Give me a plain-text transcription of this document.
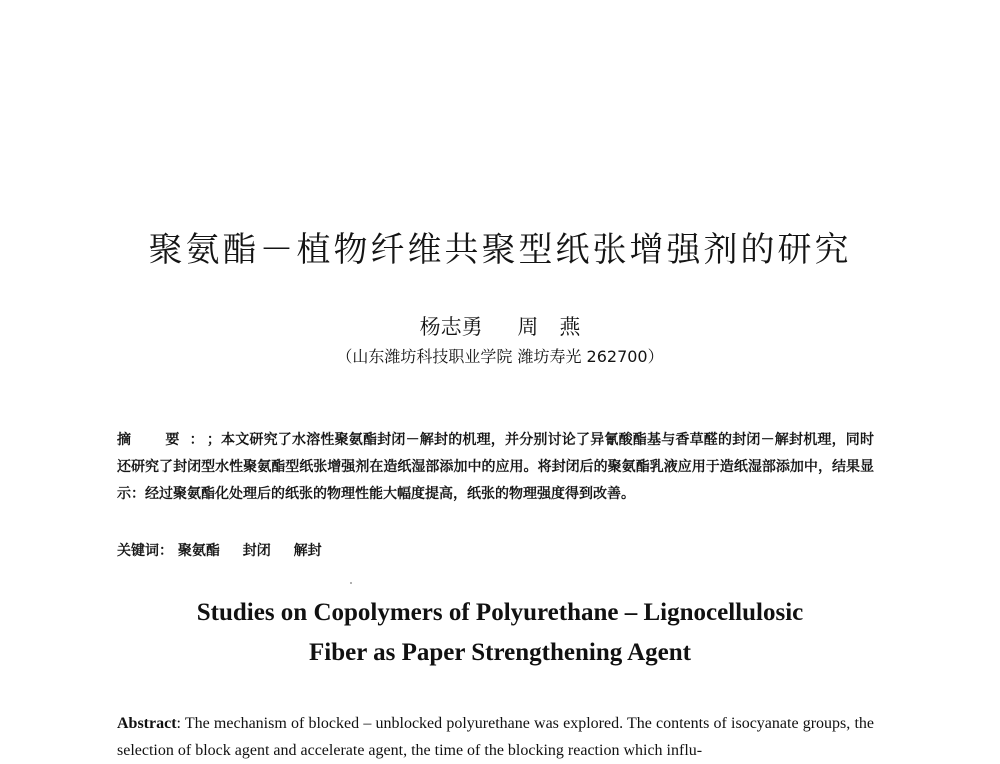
聚氨酯－植物纤维共聚型纸张增强剂的研究
杨志勇 周　燕
（山东潍坊科技职业学院 潍坊寿光 262700）
摘　要：；本文研究了水溶性聚氨酯封闭－解封的机理，并分别讨论了异氰酸酯基与香草醛的封闭－解封机理，同时还研究了封闭型水性聚氨酯型纸张增强剂在造纸湿部添加中的应用。将封闭后的聚氨酯乳液应用于造纸湿部添加中，结果显示：经过聚氨酯化处理后的纸张的物理性能大幅度提高，纸张的物理强度得到改善。
关键词： 聚氨酯 封闭 解封
Studies on Copolymers of Polyurethane – Lignocellulosic
Fiber as Paper Strengthening Agent
Abstract: The mechanism of blocked – unblocked polyurethane was explored. The contents of isocyanate groups, the selection of block agent and accelerate agent, the time of the blocking reaction which influ-
